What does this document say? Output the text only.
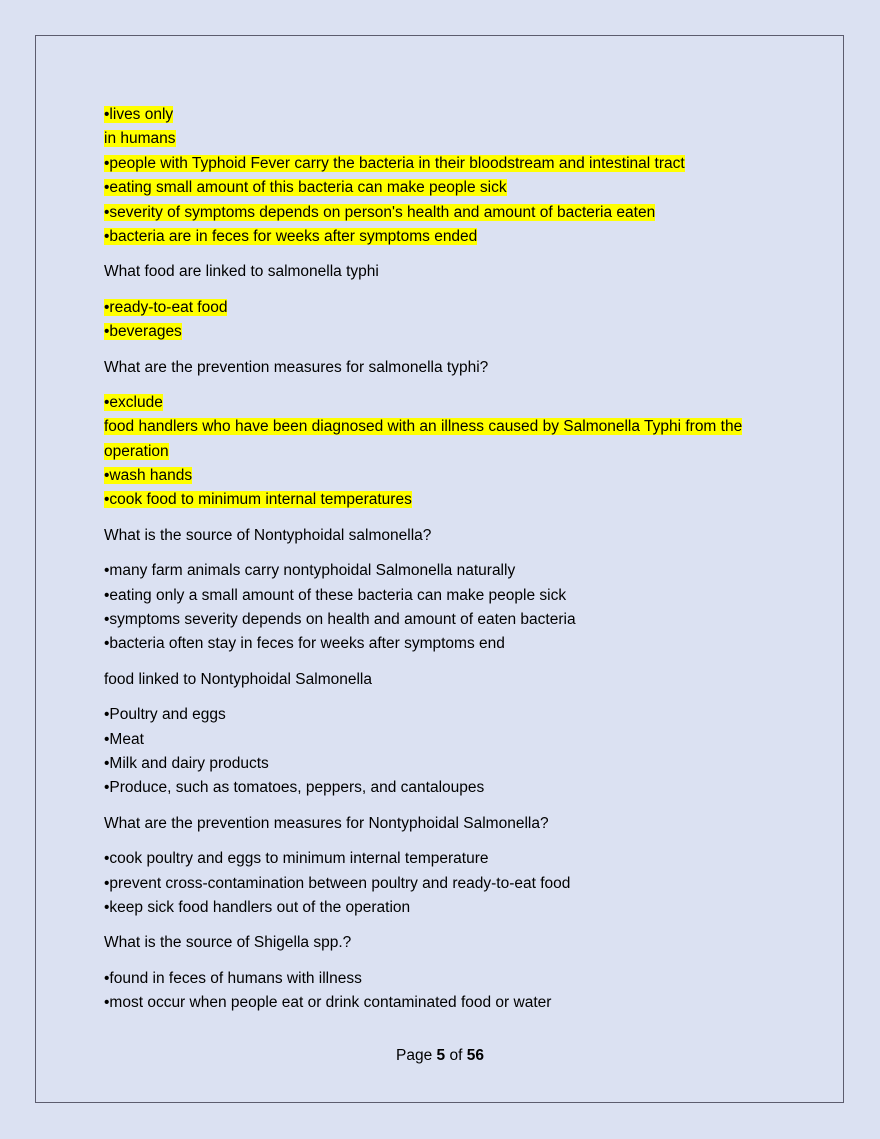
•lives only
in humans
•people with Typhoid Fever carry the bacteria in their bloodstream and intestinal tract
•eating small amount of this bacteria can make people sick
•severity of symptoms depends on person's health and amount of bacteria eaten
•bacteria are in feces for weeks after symptoms ended
What food are linked to salmonella typhi
•ready-to-eat food
•beverages
What are the prevention measures for salmonella typhi?
•exclude
food handlers who have been diagnosed with an illness caused by Salmonella Typhi from the
operation
•wash hands
•cook food to minimum internal temperatures
What is the source of Nontyphoidal salmonella?
•many farm animals carry nontyphoidal Salmonella naturally
•eating only a small amount of these bacteria can make people sick
•symptoms severity depends on health and amount of eaten bacteria
•bacteria often stay in feces for weeks after symptoms end
food linked to Nontyphoidal Salmonella
•Poultry and eggs
•Meat
•Milk and dairy products
•Produce, such as tomatoes, peppers, and cantaloupes
What are the prevention measures for Nontyphoidal Salmonella?
•cook poultry and eggs to minimum internal temperature
•prevent cross-contamination between poultry and ready-to-eat food
•keep sick food handlers out of the operation
What is the source of Shigella spp.?
•found in feces of humans with illness
•most occur when people eat or drink contaminated food or water
Page 5 of 56
